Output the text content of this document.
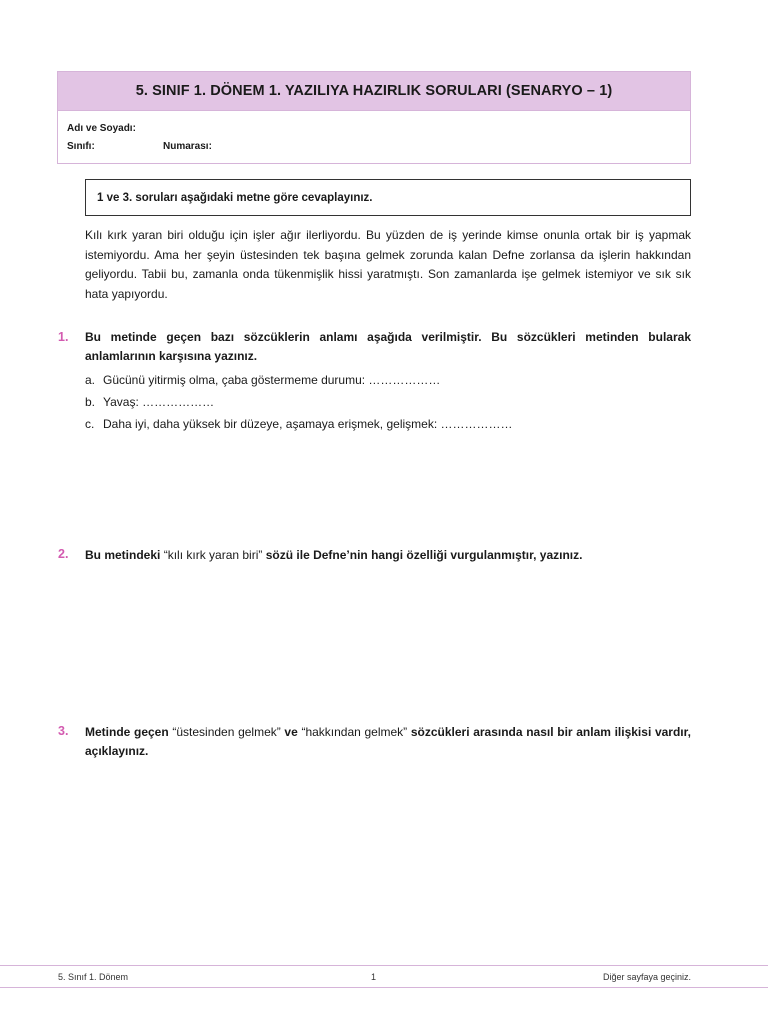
5. SINIF 1. DÖNEM 1. YAZILIYA HAZIRLIK SORULARI (SENARYO – 1)
Adı ve Soyadı:
Sınıfı:	Numarası:
1 ve 3. soruları aşağıdaki metne göre cevaplayınız.
Kılı kırk yaran biri olduğu için işler ağır ilerliyordu. Bu yüzden de iş yerinde kimse onunla ortak bir iş yapmak istemiyordu. Ama her şeyin üstesinden tek başına gelmek zorunda kalan Defne zorlansa da işlerin hakkından geliyordu. Tabii bu, zamanla onda tükenmişlik hissi yaratmıştı. Son zamanlarda işe gelmek istemiyor ve sık sık hata yapıyordu.
1. Bu metinde geçen bazı sözcüklerin anlamı aşağıda verilmiştir. Bu sözcükleri metinden bularak anlamlarının karşısına yazınız.
a. Gücünü yitirmiş olma, çaba göstermeme durumu: ………………
b. Yavaş: ………………
c. Daha iyi, daha yüksek bir düzeye, aşamaya erişmek, gelişmek: ………………
2. Bu metindeki “kılı kırk yaran biri” sözü ile Defne’nin hangi özelliği vurgulanmıştır, yazınız.
3. Metinde geçen “üstesinden gelmek” ve “hakkından gelmek” sözcükleri arasında nasıl bir anlam ilişkisi vardır, açıklayınız.
5. Sınıf 1. Dönem	1	Diğer sayfaya geçiniz.
